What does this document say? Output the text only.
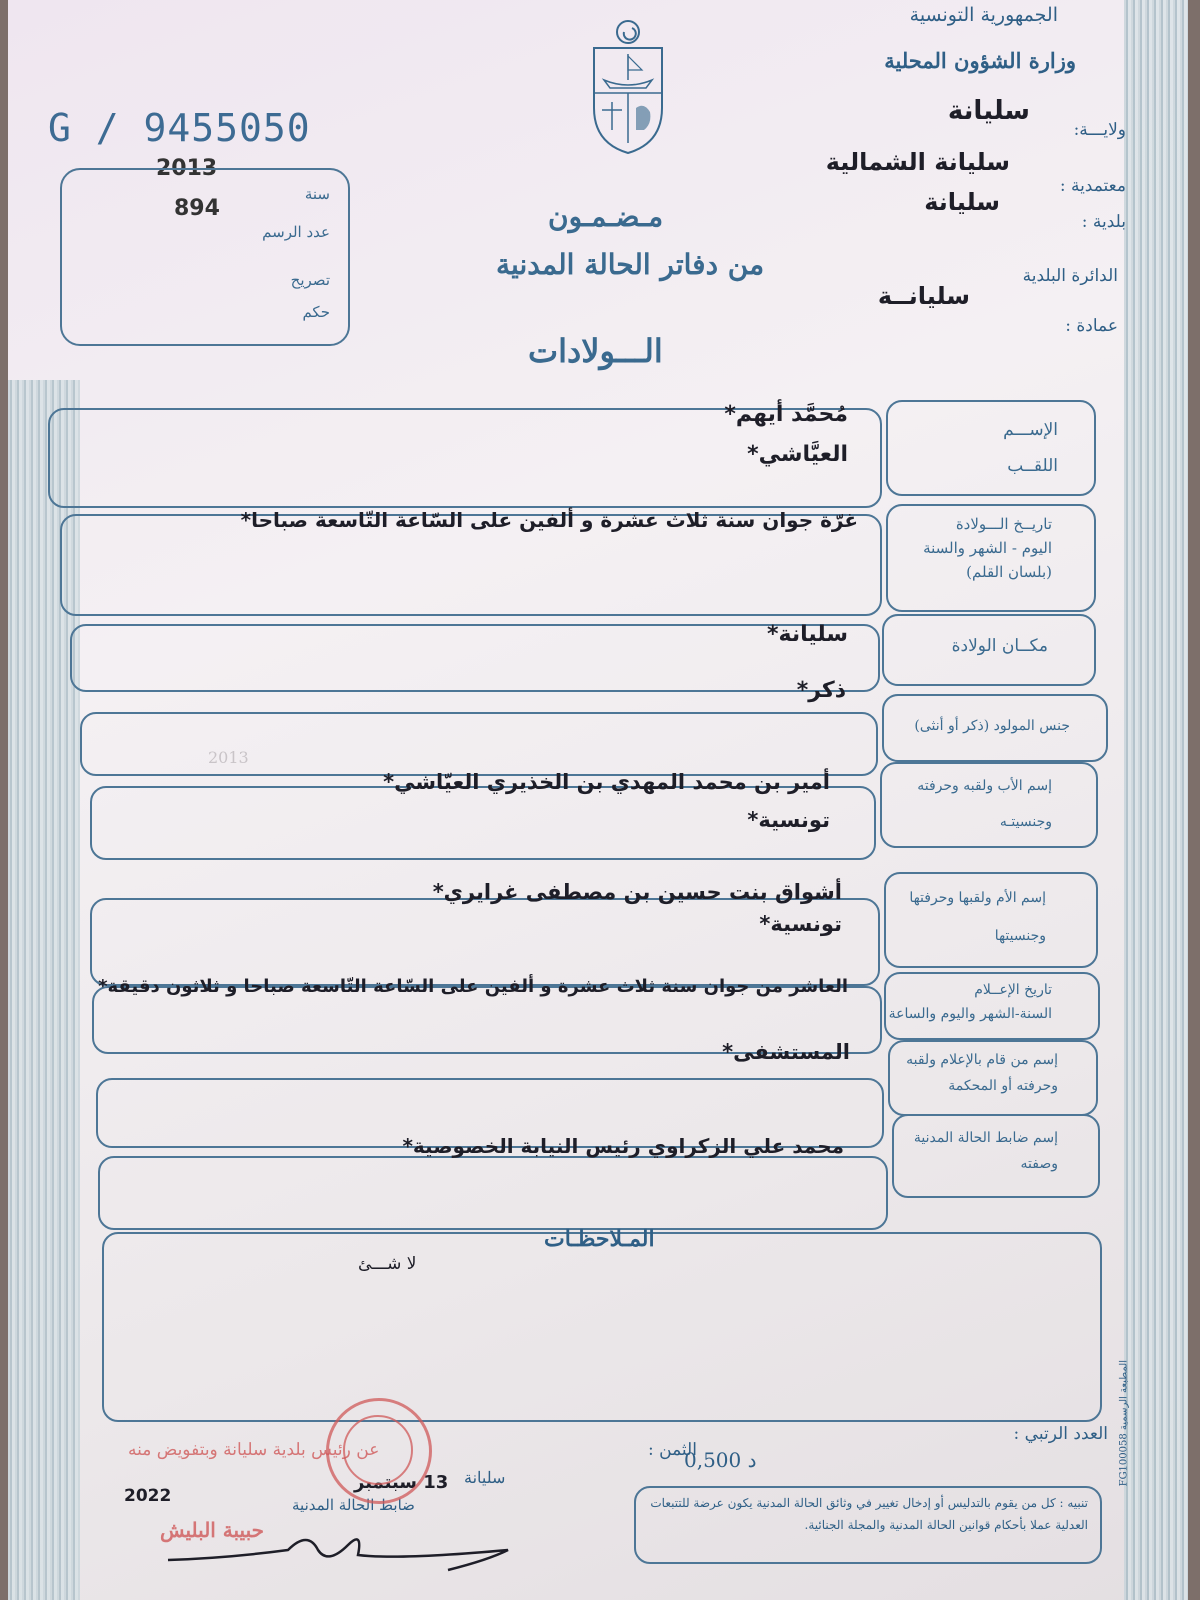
الجمهورية التونسية
وزارة الشؤون المحلية
ولايـــة:
سليانة
معتمدية :
سليانة الشمالية
بلدية :
سليانة
الدائرة البلدية
سليانــة
عمادة :
G / 9455050
2013
894
سنة
عدد الرسم
تصريح
حكم
مـضـمـون
من دفاتر الحالة المدنية
الـــولادات
الإســـم
اللقــب
مُحمَّد أيهم*
العيَّاشي*
تاريــخ الـــولادة
اليوم - الشهر والسنة
(بلسان القلم)
غرّة جوان سنة ثلاث عشرة و ألفين على السّاعة التّاسعة صباحا*
مكــان الولادة
سليانة*
جنس المولود (ذكر أو أنثى)
ذكر*
2013
إسم الأب ولقبه وحرفته
وجنسيتـه
أمير بن محمد المهدي بن الخذيري العيّاشي*
تونسية*
إسم الأم ولقبها وحرفتها
وجنسيتها
أشواق بنت حسين بن مصطفى غرايري*
تونسية*
تاريخ الإعــلام
السنة-الشهر واليوم والساعة
العاشر من جوان سنة ثلاث عشرة و ألفين على السّاعة التّاسعة صباحا و ثلاثون دقيقة*
إسم من قام بالإعلام ولقبه
وحرفته أو المحكمة
المستشفى*
إسم ضابط الحالة المدنية
وصفته
محمد علي الزكراوي رئيس النيابة الخصوصية*
المـلاحظـات
لا شـــئ
المطبعة الرسمية FG100058
العدد الرتبي :
الثمن :
0,500 د
سليانة
13 سبتمبر
2022	ضابط الحالة المدنية
عن رئيس بلدية سليانة وبتفويض منه
حبيبة البليش
تنبيه : كل من يقوم بالتدليس أو إدخال تغيير في وثائق الحالة المدنية يكون عرضة للتتبعات العدلية عملا بأحكام قوانين الحالة المدنية والمجلة الجنائية.
